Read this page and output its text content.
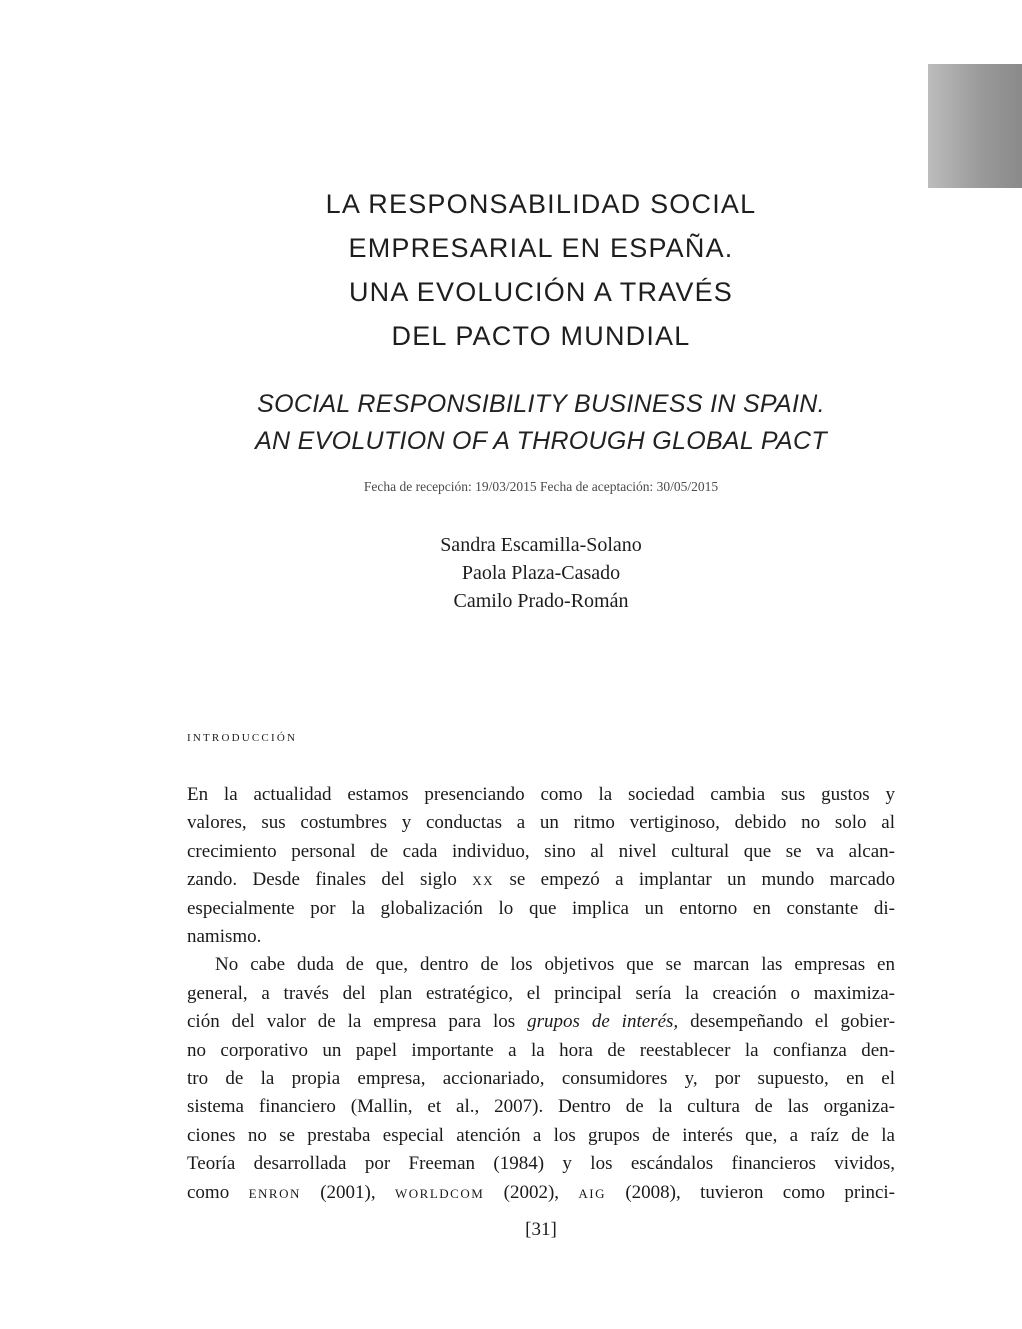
LA RESPONSABILIDAD SOCIAL
EMPRESARIAL EN ESPAÑA.
UNA EVOLUCIÓN A TRAVÉS
DEL PACTO MUNDIAL
SOCIAL RESPONSIBILITY BUSINESS IN SPAIN.
AN EVOLUTION OF A THROUGH GLOBAL PACT
Fecha de recepción: 19/03/2015 Fecha de aceptación: 30/05/2015
Sandra Escamilla-Solano
Paola Plaza-Casado
Camilo Prado-Román
introducción

En la actualidad estamos presenciando como la sociedad cambia sus gustos y
valores, sus costumbres y conductas a un ritmo vertiginoso, debido no solo al
crecimiento personal de cada individuo, sino al nivel cultural que se va alcan-
zando. Desde finales del siglo xx se empezó a implantar un mundo marcado
especialmente por la globalización lo que implica un entorno en constante di-
namismo.

No cabe duda de que, dentro de los objetivos que se marcan las empresas en
general, a través del plan estratégico, el principal sería la creación o maximiza-
ción del valor de la empresa para los grupos de interés, desempeñando el gobier-
no corporativo un papel importante a la hora de reestablecer la confianza den-
tro de la propia empresa, accionariado, consumidores y, por supuesto, en el
sistema financiero (Mallin, et al., 2007). Dentro de la cultura de las organiza-
ciones no se prestaba especial atención a los grupos de interés que, a raíz de la
Teoría desarrollada por Freeman (1984) y los escándalos financieros vividos,
como enron (2001), worldcom (2002), aig (2008), tuvieron como princi-

[31]
